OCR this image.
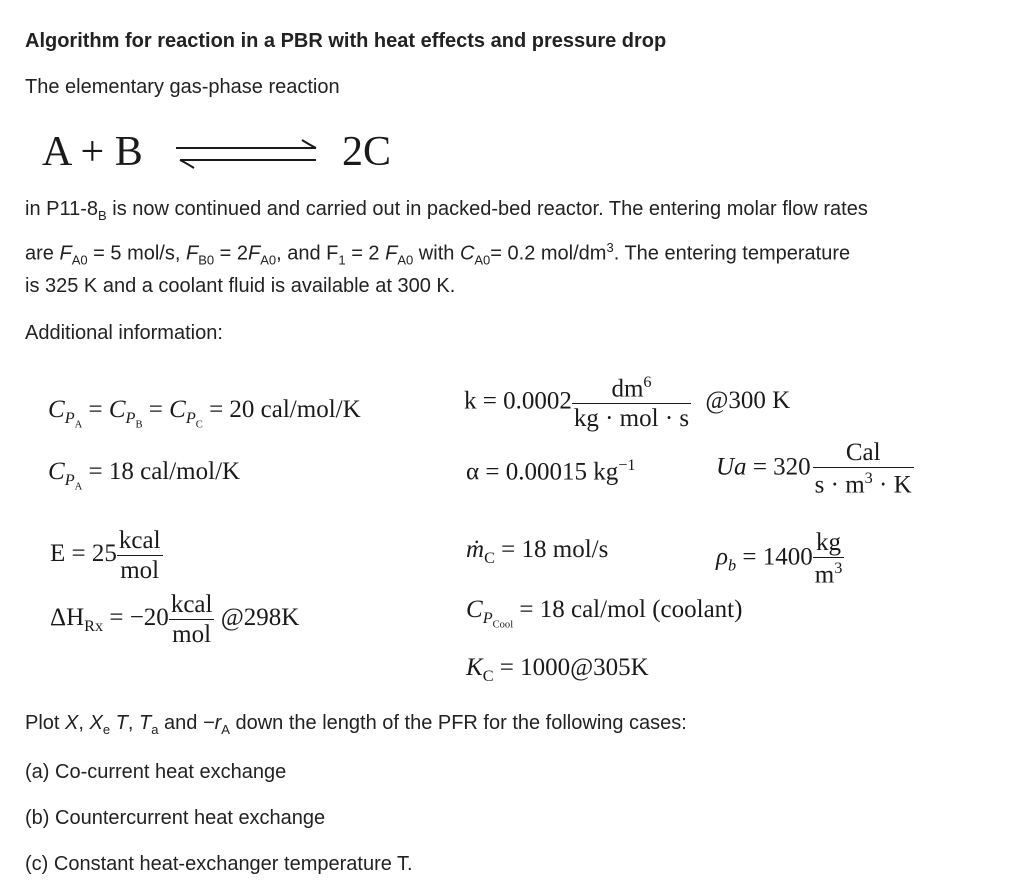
Algorithm for reaction in a PBR with heat effects and pressure drop
The elementary gas-phase reaction
A + B	2C
in $P11-8_B$ is now continued and carried out in packed-bed reactor. The entering molar flow rates
are $F_{A0} = 5$ mol/s, $F_{B0} = 2F_{A0}$, and $F_1 = 2$ $F_{A0}$ with $C_{A0}= 0.2$ mol/$dm^3$. The entering temperature
is 325 K and a coolant fluid is available at 300 K.
Additional information:
$C_{P_A} = C_{P_B} = C_{P_C} = 20$ cal/mol/K
$C_{P_A} = 18$ cal/mol/K
$k = 0.0002 \frac{dm^6}{\text{kg · mol · s}}$ @300 K
α = 0.00015 $kg^{-1}$	$Ua = 320 \frac{\text{Cal}}{s \cdot m^3 \cdot K}$
$E = 25 \frac{\text{kcal}}{\text{mol}}$	ṁ$_C$ = 18 mol/s	$\rho_b = 1400 \frac{kg}{m^3}$
$\Delta H_{Rx} = -20 \frac{\text{kcal}}{\text{mol}}$ @298K	$C_{P_{Cool}} = 18$ cal/mol (coolant)
$K_C$ = 1000@305K
Plot X, $X_e$ T, $T_a$ and $-r_A$ down the length of the PFR for the following cases:
(a) Co-current heat exchange
(b) Countercurrent heat exchange
(c) Constant heat-exchanger temperature T.
